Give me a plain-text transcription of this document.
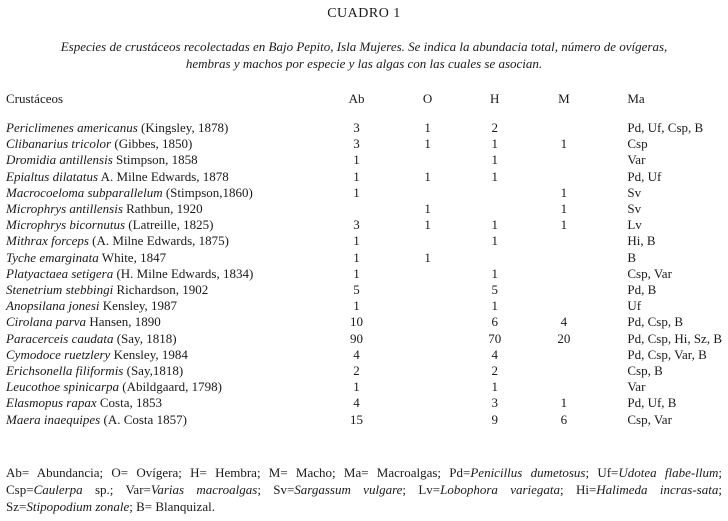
CUADRO 1
Especies de crustáceos recolectadas en Bajo Pepito, Isla Mujeres. Se indica la abundacia total, número de ovígeras,
hembras y machos por especie y las algas con las cuales se asocian.
Crustáceos	Ab	O	H	M	Ma

Periclimenes americanus (Kingsley, 1878)	3	1	2		Pd, Uf, Csp, B
Clibanarius tricolor (Gibbes, 1850)	3	1	1	1	Csp
Dromidia antillensis Stimpson, 1858	1		1		Var
Epialtus dilatatus A. Milne Edwards, 1878	1	1	1		Pd, Uf
Macrocoeloma subparallelum (Stimpson,1860)	1			1	Sv
Microphrys antillensis Rathbun, 1920		1		1	Sv
Microphrys bicornutus (Latreille, 1825)	3	1	1	1	Lv
Mithrax forceps (A. Milne Edwards, 1875)	1		1		Hi, B
Tyche emarginata White, 1847	1	1			B
Platyactaea setigera (H. Milne Edwards, 1834)	1		1		Csp, Var
Stenetrium stebbingi Richardson, 1902	5		5		Pd, B
Anopsilana jonesi Kensley, 1987	1		1		Uf
Cirolana parva Hansen, 1890	10		6	4	Pd, Csp, B
Paracerceis caudata (Say, 1818)	90		70	20	Pd, Csp, Hi, Sz, B
Cymodoce ruetzlery Kensley, 1984	4		4		Pd, Csp, Var, B
Erichsonella filiformis (Say,1818)	2		2		Csp, B
Leucothoe spinicarpa (Abildgaard, 1798)	1		1		Var
Elasmopus rapax Costa, 1853	4		3	1	Pd, Uf, B
Maera inaequipes (A. Costa 1857)	15		9	6	Csp, Var
Ab= Abundancia; O= Ovígera; H= Hembra; M= Macho; Ma= Macroalgas; Pd=Penicillus dumetosus; Uf=Udotea flabe-llum; Csp=Caulerpa sp.; Var=Varias macroalgas; Sv=Sargassum vulgare; Lv=Lobophora variegata; Hi=Halimeda incras-sata; Sz=Stipopodium zonale; B= Blanquizal.
